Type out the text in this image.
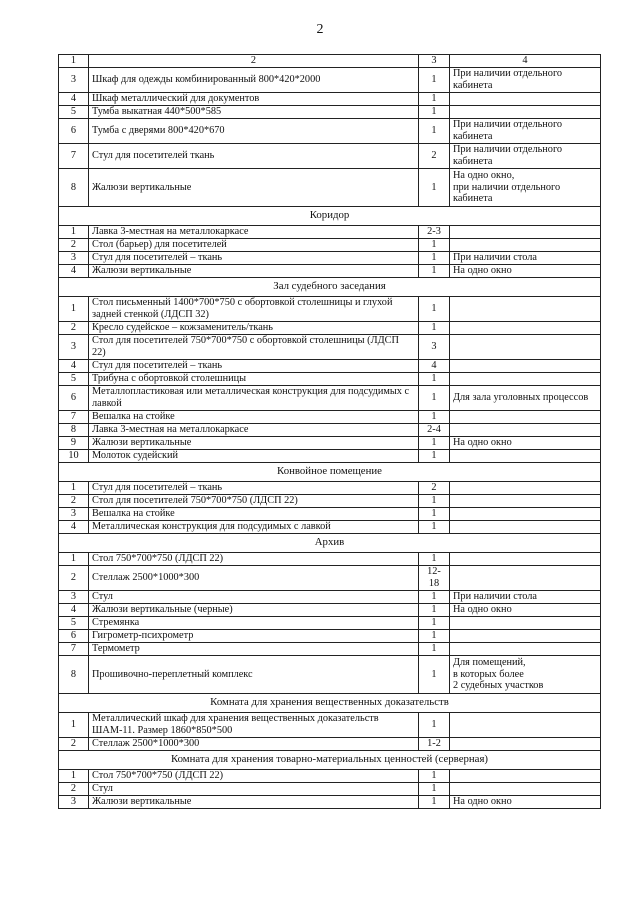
2
1	2	3	4
3	Шкаф для одежды комбинированный 800*420*2000	1	При наличии отдельного кабинета
4	Шкаф металлический для документов	1	
5	Тумба выкатная 440*500*585	1	
6	Тумба с дверями 800*420*670	1	При наличии отдельного кабинета
7	Стул для посетителей ткань	2	При наличии отдельного кабинета
8	Жалюзи вертикальные	1	На одно окно,
при наличии отдельного кабинета
Коридор			
1	Лавка 3-местная на металлокаркасе	2-3	
2	Стол (барьер) для посетителей	1	
3	Стул для посетителей – ткань	1	При наличии стола
4	Жалюзи вертикальные	1	На одно окно
Зал судебного заседания			
1	Стол письменный 1400*700*750 с обортовкой столешницы и глухой задней стенкой (ЛДСП 32)	1	
2	Кресло судейское – кожзаменитель/ткань	1	
3	Стол для посетителей 750*700*750 с обортовкой столешницы (ЛДСП 22)	3	
4	Стул для посетителей – ткань	4	
5	Трибуна с обортовкой столешницы	1	
6	Металлопластиковая или металлическая конструкция для подсудимых с лавкой	1	Для зала уголовных процессов
7	Вешалка на стойке	1	
8	Лавка 3-местная на металлокаркасе	2-4	
9	Жалюзи вертикальные	1	На одно окно
10	Молоток судейский	1	
Конвойное помещение			
1	Стул для посетителей – ткань	2	
2	Стол для посетителей 750*700*750 (ЛДСП 22)	1	
3	Вешалка на стойке	1	
4	Металлическая конструкция для подсудимых с лавкой	1	
Архив			
1	Стол 750*700*750 (ЛДСП 22)	1	
2	Стеллаж 2500*1000*300	12-18	
3	Стул	1	При наличии стола
4	Жалюзи вертикальные (черные)	1	На одно окно
5	Стремянка	1	
6	Гигрометр-психрометр	1	
7	Термометр	1	
8	Прошивочно-переплетный комплекс	1	Для помещений,
в которых более
2 судебных участков
Комната для хранения вещественных доказательств			
1	Металлический шкаф для хранения вещественных доказательств ШАМ-11. Размер 1860*850*500	1	
2	Стеллаж 2500*1000*300	1-2	
Комната для хранения товарно-материальных ценностей (серверная)			
1	Стол 750*700*750 (ЛДСП 22)	1	
2	Стул	1	
3	Жалюзи вертикальные	1	На одно окно
